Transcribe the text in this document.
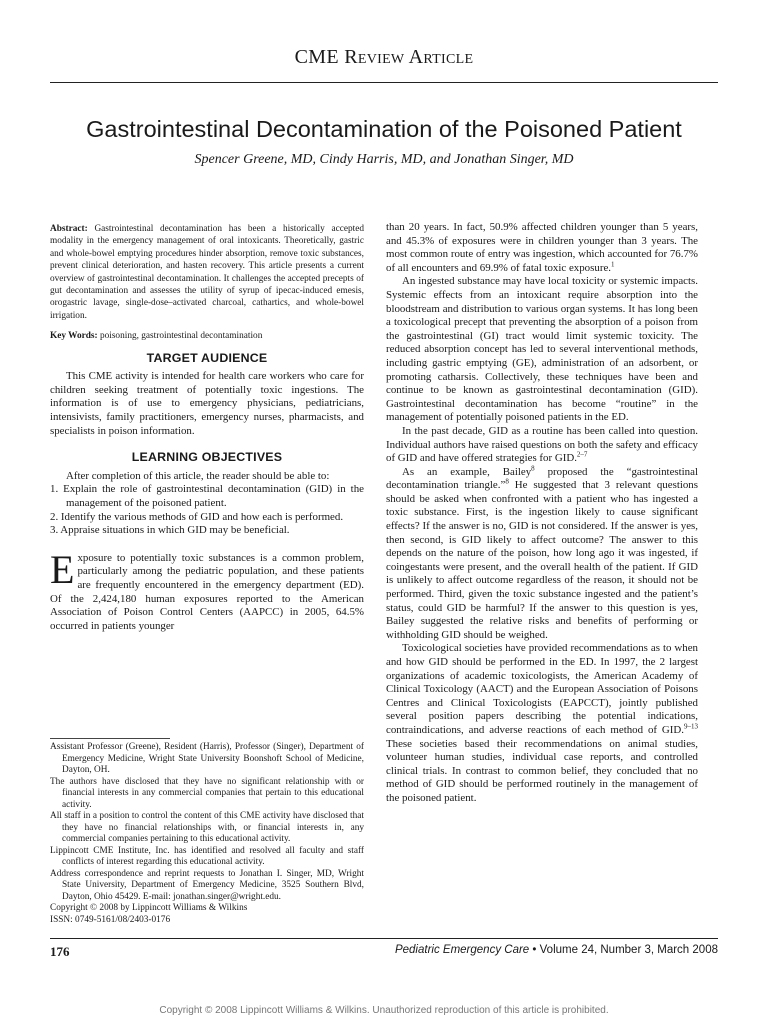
CME Review Article
Gastrointestinal Decontamination of the Poisoned Patient
Spencer Greene, MD, Cindy Harris, MD, and Jonathan Singer, MD

Abstract: Gastrointestinal decontamination has been a historically accepted modality in the emergency management of oral intoxicants. Theoretically, gastric and whole-bowel emptying procedures hinder absorption, remove toxic substances, prevent clinical deterioration, and hasten recovery. This article presents a current overview of gastrointestinal decontamination. It challenges the accepted precepts of gut decontamination and assesses the utility of syrup of ipecac-induced emesis, orogastric lavage, single-dose–activated charcoal, cathartics, and whole-bowel irrigation.

Key Words: poisoning, gastrointestinal decontamination

TARGET AUDIENCE

This CME activity is intended for health care workers who care for children seeking treatment of potentially toxic ingestions. The information is of use to emergency physicians, pediatricians, intensivists, family practitioners, emergency nurses, pharmacists, and specialists in poison information.

LEARNING OBJECTIVES

After completion of this article, the reader should be able to:

1. Explain the role of gastrointestinal decontamination (GID) in the management of the poisoned patient.
2. Identify the various methods of GID and how each is performed.
3. Appraise situations in which GID may be beneficial.

Exposure to potentially toxic substances is a common problem, particularly among the pediatric population, and these patients are frequently encountered in the emergency department (ED). Of the 2,424,180 human exposures reported to the American Association of Poison Control Centers (AAPCC) in 2005, 64.5% occurred in patients younger

Assistant Professor (Greene), Resident (Harris), Professor (Singer), Department of Emergency Medicine, Wright State University Boonshoft School of Medicine, Dayton, OH.

The authors have disclosed that they have no significant relationship with or financial interests in any commercial companies that pertain to this educational activity.

All staff in a position to control the content of this CME activity have disclosed that they have no financial relationships with, or financial interests in, any commercial companies pertaining to this educational activity.

Lippincott CME Institute, Inc. has identified and resolved all faculty and staff conflicts of interest regarding this educational activity.

Address correspondence and reprint requests to Jonathan I. Singer, MD, Wright State University, Department of Emergency Medicine, 3525 Southern Blvd, Dayton, Ohio 45429. E-mail: jonathan.singer@wright.edu.

Copyright © 2008 by Lippincott Williams & Wilkins

ISSN: 0749-5161/08/2403-0176

than 20 years. In fact, 50.9% affected children younger than 5 years, and 45.3% of exposures were in children younger than 3 years. The most common route of entry was ingestion, which accounted for 76.7% of all encounters and 69.9% of fatal toxic exposure.$^1$

An ingested substance may have local toxicity or systemic impacts. Systemic effects from an intoxicant require absorption into the bloodstream and distribution to various organ systems. It has long been a toxicological precept that preventing the absorption of a poison from the gastrointestinal (GI) tract would limit systemic toxicity. The reduced absorption concept has led to several interventional methods, including gastric emptying (GE), administration of an adsorbent, or promoting catharsis. Collectively, these techniques have been and continue to be known as gastrointestinal decontamination (GID). Gastrointestinal decontamination has become “routine” in the management of potentially poisoned patients in the ED.

In the past decade, GID as a routine has been called into question. Individual authors have raised questions on both the safety and efficacy of GID and have offered strategies for GID.$^{2-7}$

As an example, Bailey$^8$ proposed the “gastrointestinal decontamination triangle.”$^8$ He suggested that 3 relevant questions should be asked when confronted with a patient who has ingested a toxic substance. First, is the ingestion likely to cause significant effects? If the answer is no, GID is not considered. If the answer is yes, then second, is GID likely to affect outcome? The answer to this depends on the nature of the poison, how long ago it was ingested, if coingestants were present, and the overall health of the patient. If GID is unlikely to affect outcome regardless of the reason, it should not be performed. Third, given the toxic substance ingested and the patient’s status, could GID be harmful? If the answer to this question is yes, Bailey suggested the relative risks and benefits of performing or withholding GID should be weighed.

Toxicological societies have provided recommendations as to when and how GID should be performed in the ED. In 1997, the 2 largest organizations of academic toxicologists, the American Academy of Clinical Toxicology (AACT) and the European Association of Poisons Centres and Clinical Toxicologists (EAPCCT), jointly published several position papers describing the potential indications, contraindications, and adverse reactions of each method of GID.$^{9-13}$ These societies based their recommendations on animal studies, volunteer human studies, individual case reports, and controlled clinical trials. In contrast to common belief, they concluded that no method of GID should be performed routinely in the management of the poisoned patient.

176	Pediatric Emergency Care • Volume 24, Number 3, March 2008
Copyright © 2008 Lippincott Williams & Wilkins. Unauthorized reproduction of this article is prohibited.
